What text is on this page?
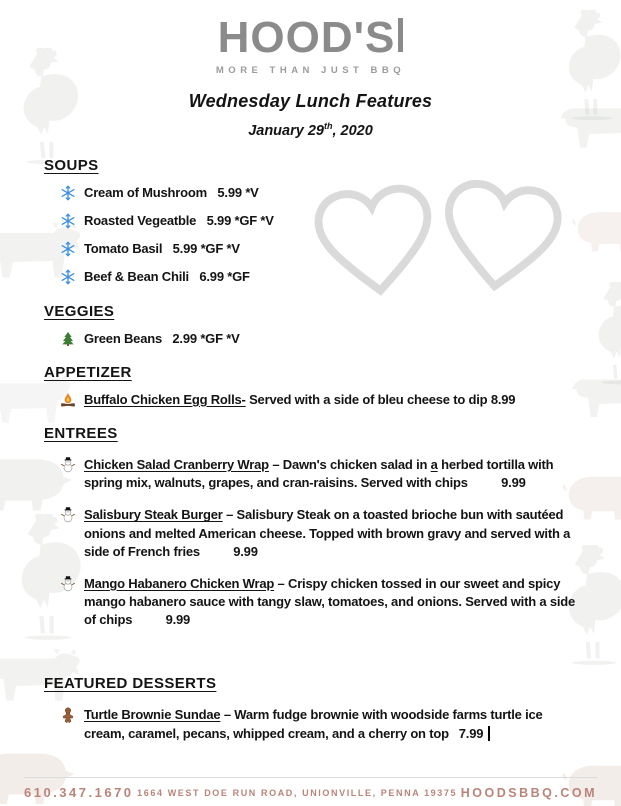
HOOD'S
MORE THAN JUST BBQ
Wednesday Lunch Features
January 29th, 2020
SOUPS

Cream of Mushroom 5.99 *V

Roasted Vegeatble 5.99 *GF *V

Tomato Basil 5.99 *GF *V

Beef & Bean Chili 6.99 *GF

VEGGIES

Green Beans 2.99 *GF *V

APPETIZER

Buffalo Chicken Egg Rolls- Served with a side of bleu cheese to dip 8.99

ENTREES

Chicken Salad Cranberry Wrap – Dawn's chicken salad in a herbed tortilla with spring mix, walnuts, grapes, and cran-raisins. Served with chips	9.99

Salisbury Steak Burger – Salisbury Steak on a toasted brioche bun with sautéed onions and melted American cheese. Topped with brown gravy and served with a side of French fries	9.99

Mango Habanero Chicken Wrap – Crispy chicken tossed in our sweet and spicy mango habanero sauce with tangy slaw, tomatoes, and onions. Served with a side of chips	9.99

FEATURED DESSERTS

Turtle Brownie Sundae – Warm fudge brownie with woodside farms turtle ice cream, caramel, pecans, whipped cream, and a cherry on top 7.99

610.347.1670 1664 WEST DOE RUN ROAD, UNIONVILLE, PENNA 19375 HOODSBBQ.COM
